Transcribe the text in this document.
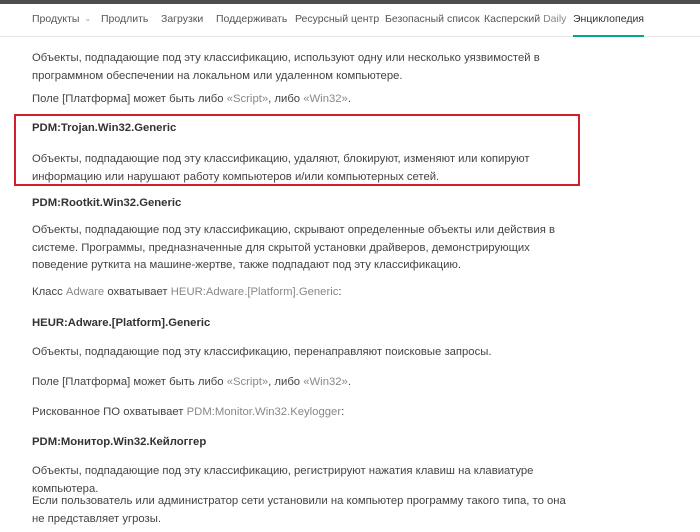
Продукты ⌄ Продлить Загрузки Поддерживать Ресурсный центр Безопасный список Касперский Daily Энциклопедия

Объекты, подпадающие под эту классификацию, используют одну или несколько уязвимостей в программном обеспечении на локальном или удаленном компьютере.

Поле [Платформа] может быть либо «Script», либо «Win32».

PDM:Trojan.Win32.Generic

Объекты, подпадающие под эту классификацию, удаляют, блокируют, изменяют или копируют информацию или нарушают работу компьютеров и/или компьютерных сетей.

PDM:Rootkit.Win32.Generic

Объекты, подпадающие под эту классификацию, скрывают определенные объекты или действия в системе. Программы, предназначенные для скрытой установки драйверов, демонстрирующих поведение руткита на машине-жертве, также подпадают под эту классификацию.

Класс Adware охватывает HEUR:Adware.[Platform].Generic:

HEUR:Adware.[Platform].Generic

Объекты, подпадающие под эту классификацию, перенаправляют поисковые запросы.

Поле [Платформа] может быть либо «Script», либо «Win32».

Рискованное ПО охватывает PDM:Monitor.Win32.Keylogger:

PDM:Монитор.Win32.Кейлоггер

Объекты, подпадающие под эту классификацию, регистрируют нажатия клавиш на клавиатуре компьютера.

Если пользователь или администратор сети установили на компьютер программу такого типа, то она не представляет угрозы.
